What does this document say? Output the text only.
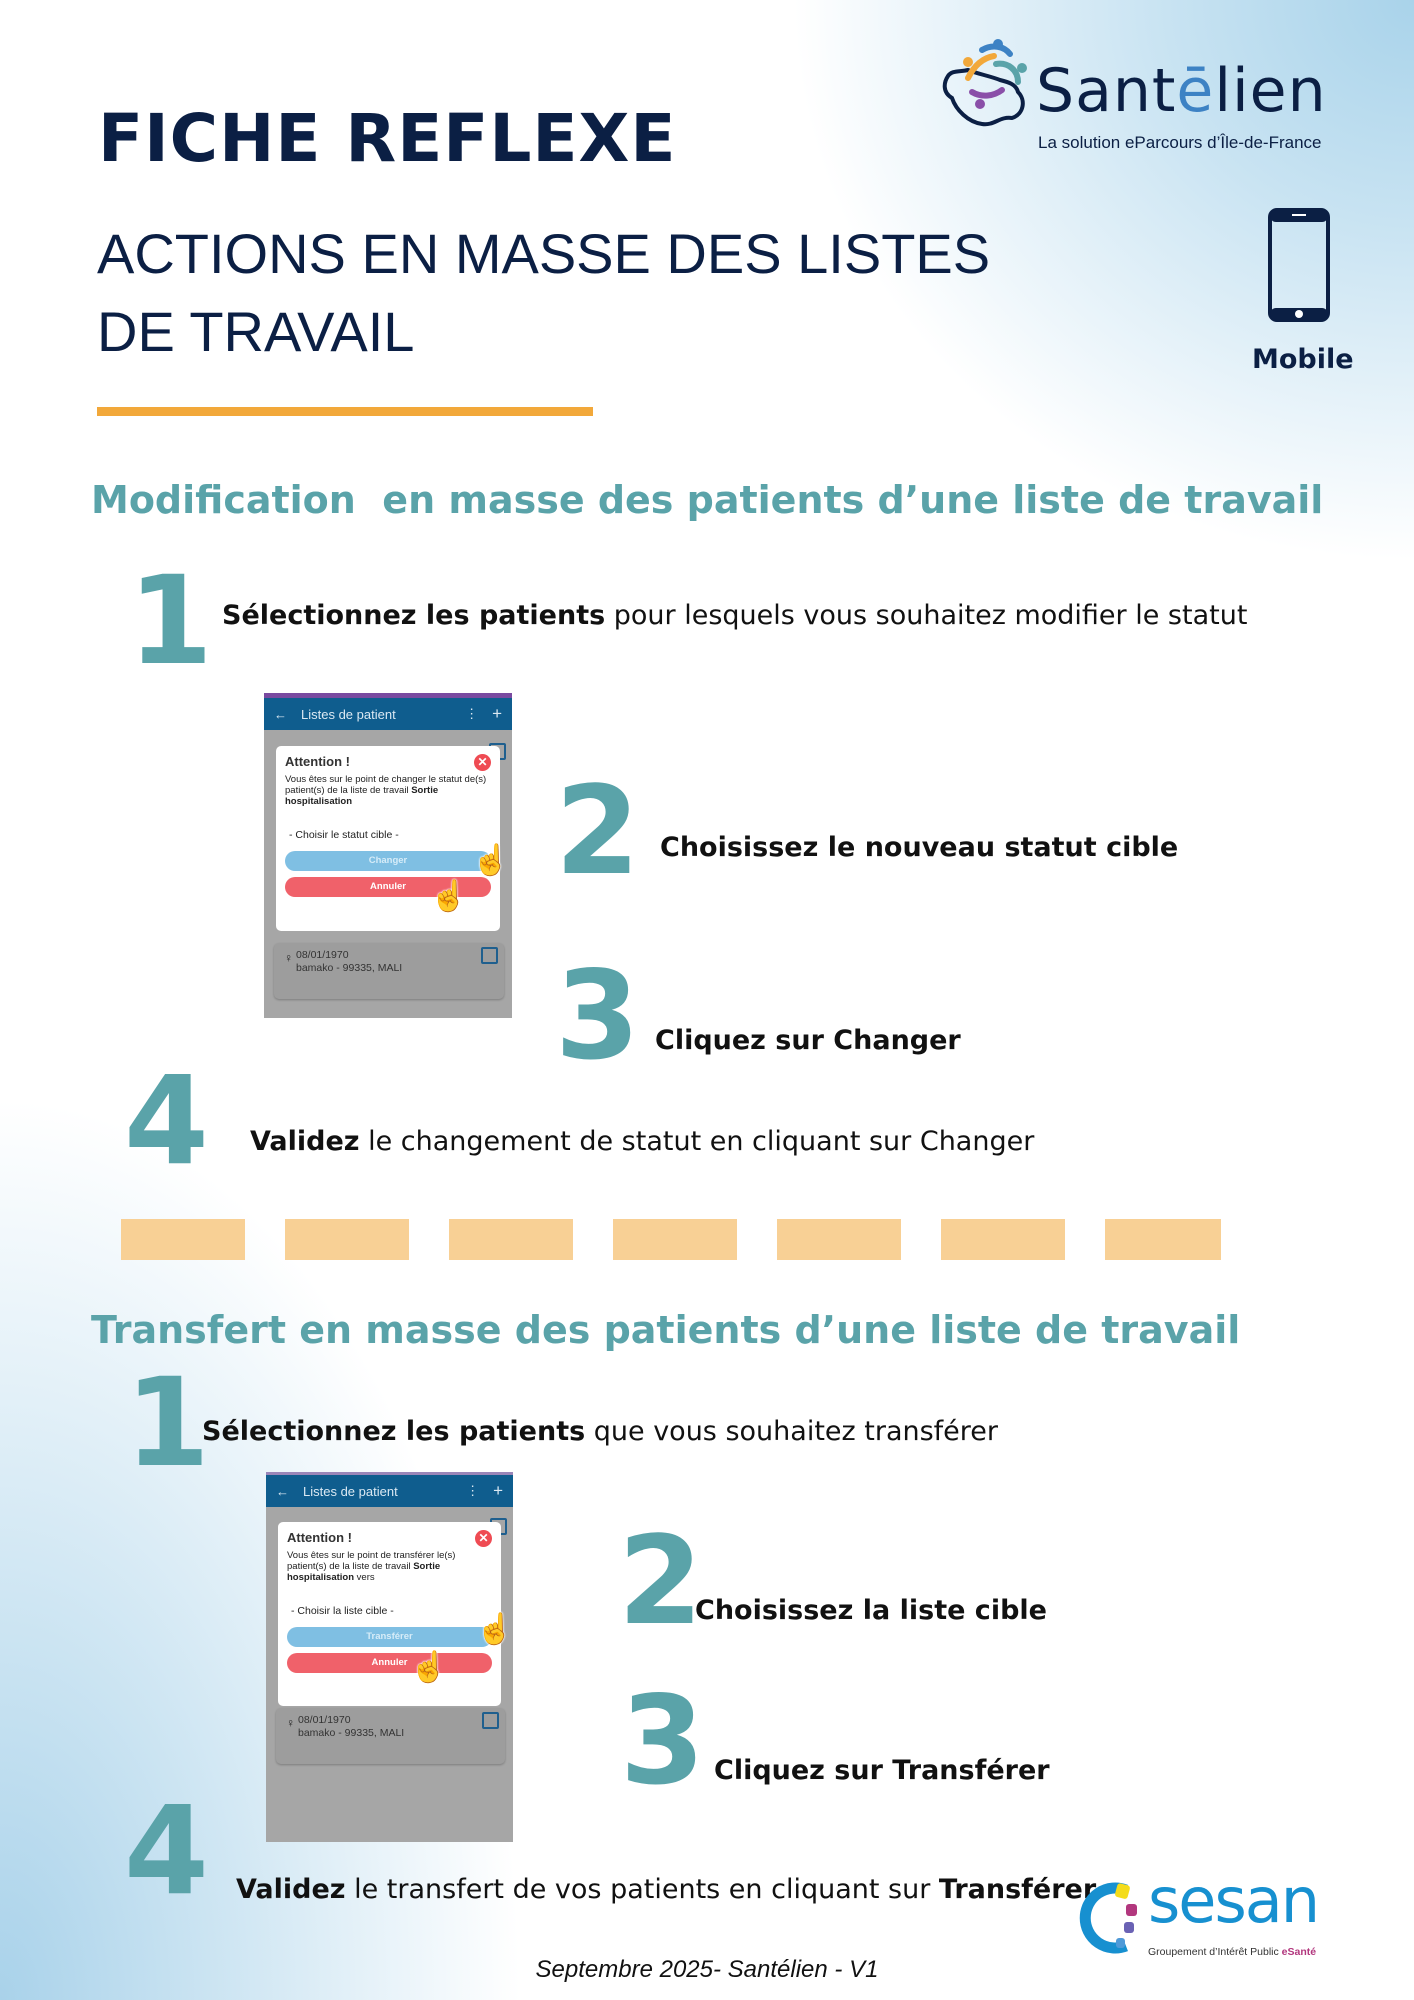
FICHE REFLEXE
ACTIONS EN MASSE DES LISTES
DE TRAVAIL
Santēlien
La solution eParcours d’Île-de-France
Mobile
Modification  en masse des patients d’une liste de travail
1 Sélectionnez les patients pour lesquels vous souhaitez modifier le statut
← Listes de patient	⋮ +
♀ 08/01/1970
bamako - 99335, MALI
Attention !	✕
Vous êtes sur le point de changer le statut de(s) patient(s) de la liste de travail Sortie hospitalisation
- Choisir le statut cible -
Changer
Annuler
☝
☝ 2 Choisissez le nouveau statut cible
3 Cliquez sur Changer
4 Validez le changement de statut en cliquant sur Changer
Transfert en masse des patients d’une liste de travail
1
Sélectionnez les patients que vous souhaitez transférer
← Listes de patient	⋮ +
♀ 08/01/1970
bamako - 99335, MALI
Attention !	✕
Vous êtes sur le point de transférer le(s) patient(s) de la liste de travail Sortie hospitalisation vers
- Choisir la liste cible -
Transférer
Annuler
☝
☝
2
Choisissez la liste cible
3 Cliquez sur Transférer
4 Validez le transfert de vos patients en cliquant sur Transférer sesan
Groupement d’Intérêt Public eSanté
Septembre 2025- Santélien - V1
